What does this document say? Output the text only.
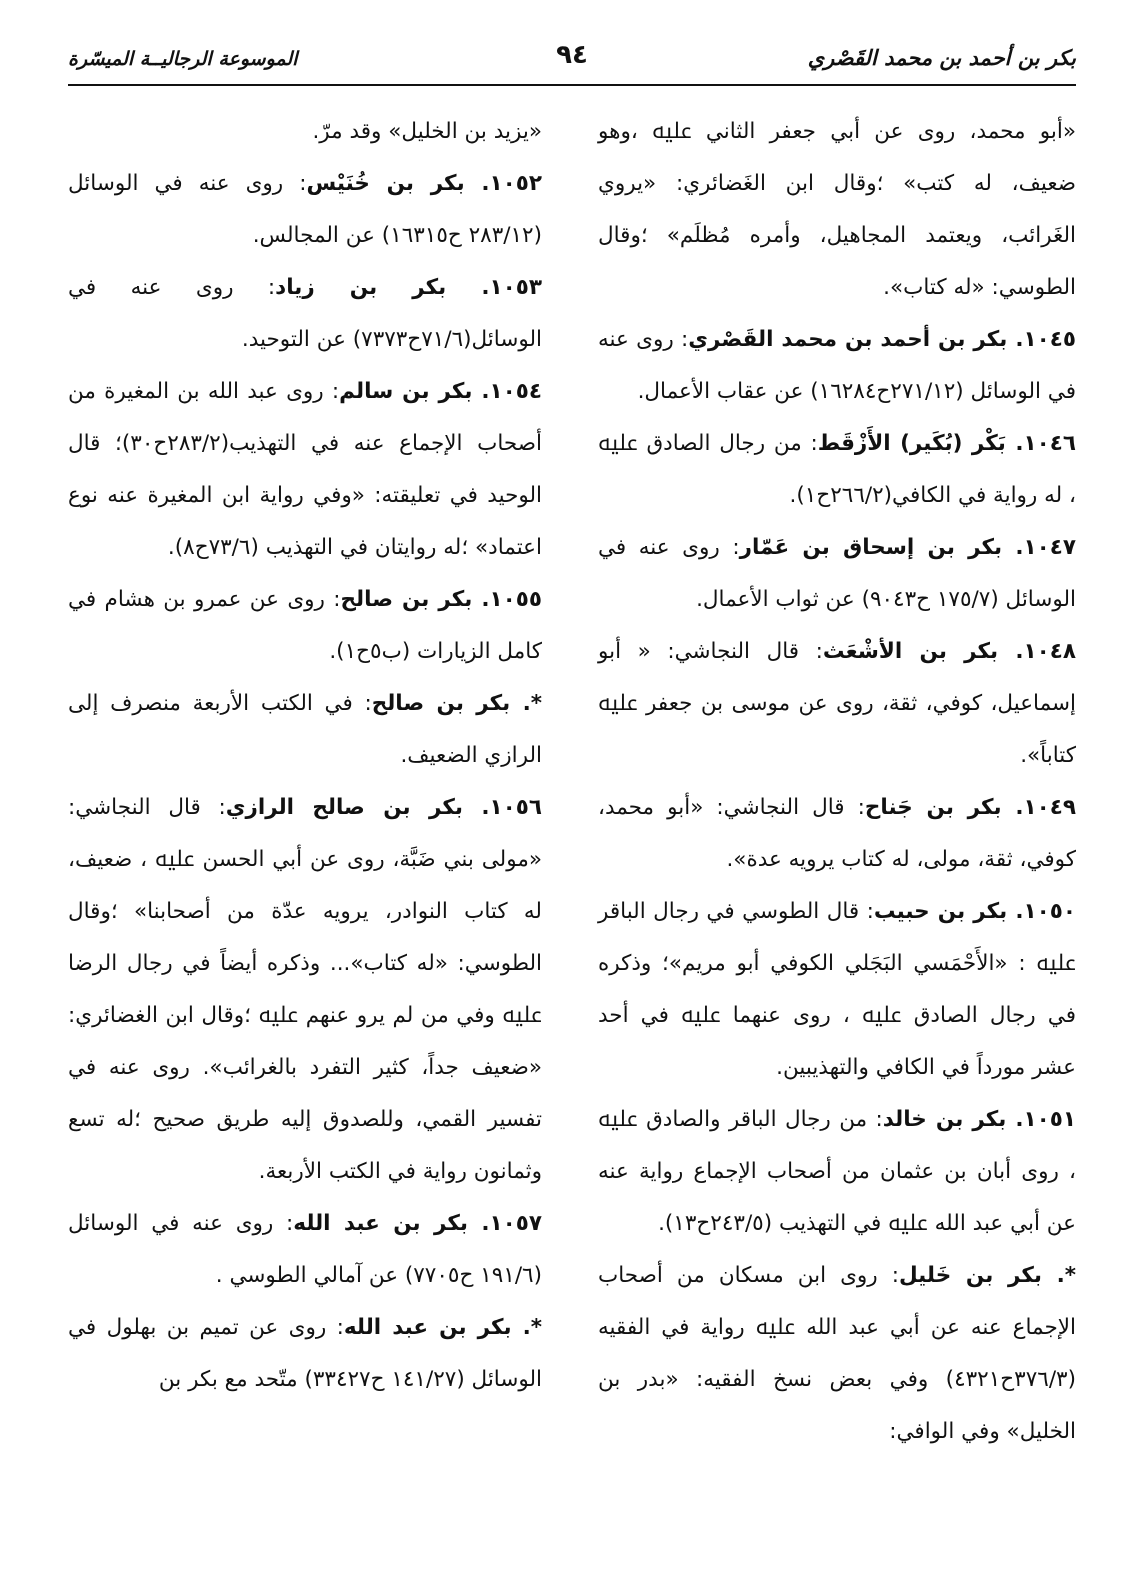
بكر بن أحمد بن محمد القَصْري
٩٤
الموسوعة الرجاليــة الميسّرة

«أبو محمد، روى عن أبي جعفر الثاني ﷷ ،وهو ضعيف، له كتب» ؛وقال ابن الغَضائري: «يروي الغَرائب، ويعتمد المجاهيل، وأمره مُظلَم» ؛وقال الطوسي: «له كتاب».

١٠٤٥. بكر بن أحمد بن محمد القَصْري: روى عنه في الوسائل (٢٧١/١٢ح١٦٢٨٤) عن عقاب الأعمال.

١٠٤٦. بَكْر (بُكَير) الأَزْقَط: من رجال الصادق ﷷ ، له رواية في الكافي(٢٦٦/٢ح١).

١٠٤٧. بكر بن إسحاق بن عَمّار: روى عنه في الوسائل (١٧٥/٧ ح٩٠٤٣) عن ثواب الأعمال.

١٠٤٨. بكر بن الأشْعَث: قال النجاشي: « أبو إسماعيل، كوفي، ثقة، روى عن موسى بن جعفر ﷷ كتاباً».

١٠٤٩. بكر بن جَناح: قال النجاشي: «أبو محمد، كوفي، ثقة، مولى، له كتاب يرويه عدة».

١٠٥٠. بكر بن حبيب: قال الطوسي في رجال الباقر ﷷ : «الأَحْمَسي البَجَلي الكوفي أبو مريم»؛ وذكره في رجال الصادق ﷷ ، روى عنهما ﷷ في أحد عشر مورداً في الكافي والتهذيبين.

١٠٥١. بكر بن خالد: من رجال الباقر والصادق ﷷ ، روى أبان بن عثمان من أصحاب الإجماع رواية عنه عن أبي عبد الله ﷷ في التهذيب (٢٤٣/٥ح١٣).

*. بكر بن خَليل: روى ابن مسكان من أصحاب الإجماع عنه عن أبي عبد الله ﷷ رواية في الفقيه (٣٧٦/٣ح٤٣٢١) وفي بعض نسخ الفقيه: «بدر بن الخليل» وفي الوافي:

«يزيد بن الخليل» وقد مرّ.

١٠٥٢. بكر بن خُنَيْس: روى عنه في الوسائل (٢٨٣/١٢ ح١٦٣١٥) عن المجالس.

١٠٥٣. بكر بن زياد: روى عنه في الوسائل(٧١/٦ح٧٣٧٣) عن التوحيد.

١٠٥٤. بكر بن سالم: روى عبد الله بن المغيرة من أصحاب الإجماع عنه في التهذيب(٢٨٣/٢ح٣٠)؛ قال الوحيد في تعليقته: «وفي رواية ابن المغيرة عنه نوع اعتماد» ؛له روايتان في التهذيب (٧٣/٦ح٨).

١٠٥٥. بكر بن صالح: روى عن عمرو بن هشام في كامل الزيارات (ب٥ح١).

*. بكر بن صالح: في الكتب الأربعة منصرف إلى الرازي الضعيف.

١٠٥٦. بكر بن صالح الرازي: قال النجاشي: «مولى بني ضَبَّة، روى عن أبي الحسن ﷷ ، ضعيف، له كتاب النوادر، يرويه عدّة من أصحابنا» ؛وقال الطوسي: «له كتاب»... وذكره أيضاً في رجال الرضا ﷷ وفي من لم يرو عنهم ﷷ ؛وقال ابن الغضائري: «ضعيف جداً، كثير التفرد بالغرائب». روى عنه في تفسير القمي، وللصدوق إليه طريق صحيح ؛له تسع وثمانون رواية في الكتب الأربعة.

١٠٥٧. بكر بن عبد الله: روى عنه في الوسائل (١٩١/٦ ح٧٧٠٥) عن آمالي الطوسي .

*. بكر بن عبد الله: روى عن تميم بن بهلول في الوسائل (١٤١/٢٧ ح٣٣٤٢٧) متّحد مع بكر بن
